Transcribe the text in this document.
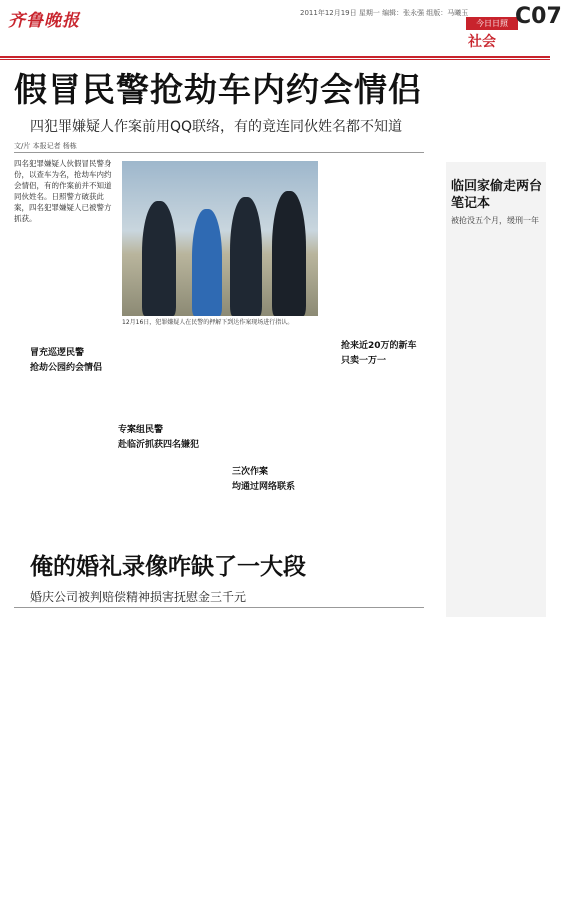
齐鲁晚报	2011年12月19日 星期一 编辑：张永强 组版：马曦玉
今日日照
社会
C07
假冒民警抢劫车内约会情侣
四犯罪嫌疑人作案前用QQ联络，有的竟连同伙姓名都不知道
文/片 本报记者 杨栋
四名犯罪嫌疑人伙假冒民警身份，以查车为名，抢劫车内约会情侣，有的作案前并不知道同伙姓名。日照警方破获此案，四名犯罪嫌疑人已被警方抓获。
12月16日，犯罪嫌疑人在民警的押解下到达作案现场进行指认。
冒充巡逻民警
抢劫公园约会情侣
专案组民警
赴临沂抓获四名嫌犯
三次作案
均通过网络联系
抢来近20万的新车
只卖一万一
临回家偷走两台笔记本
被抢没五个月，缓刑一年
俺的婚礼录像咋缺了一大段
婚庆公司被判赔偿精神损害抚慰金三千元
